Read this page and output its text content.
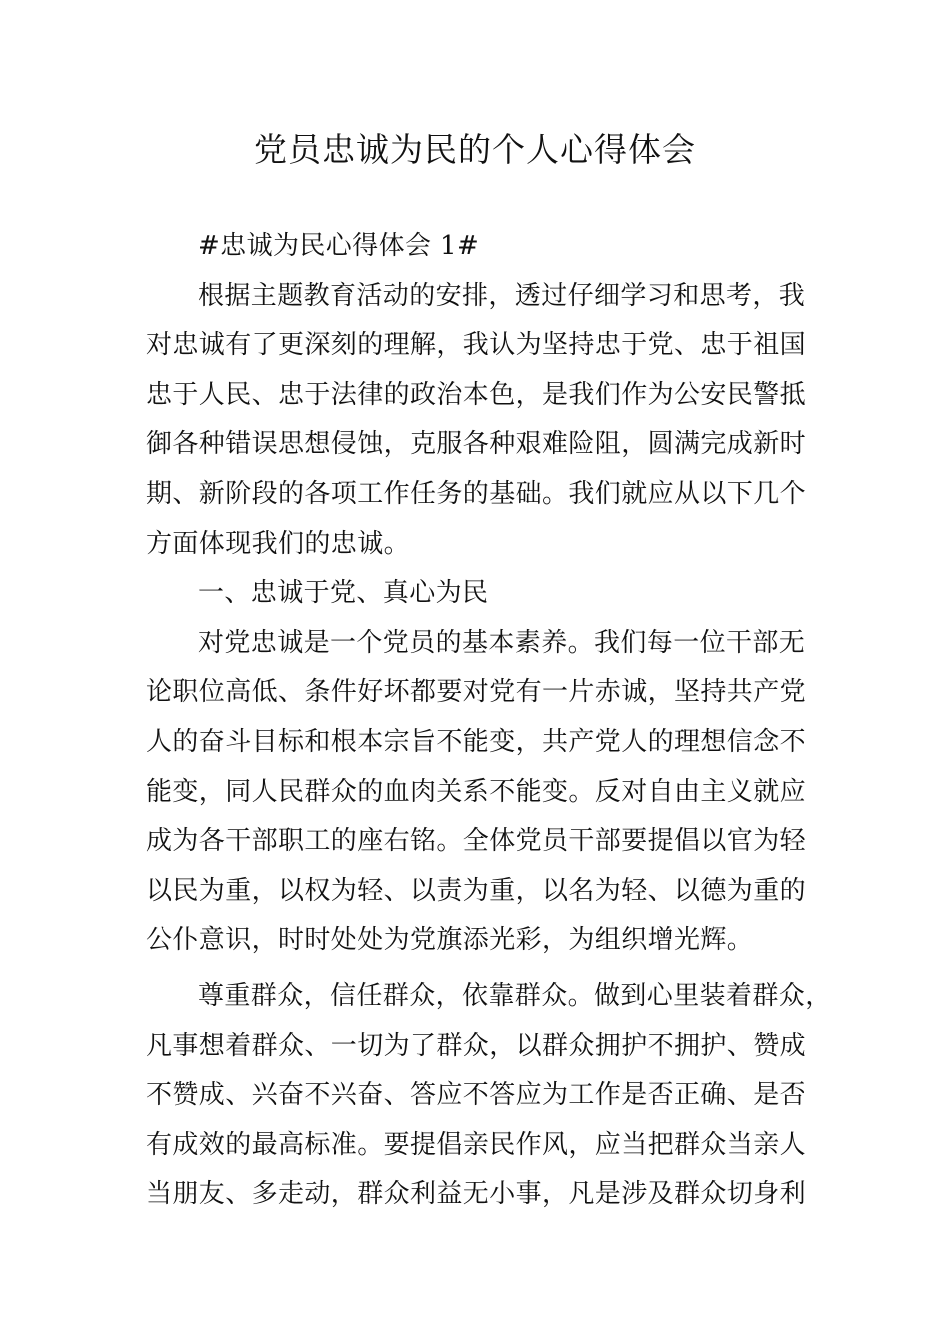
党员忠诚为民的个人心得体会
#忠诚为民心得体会 1#
根据主题教育活动的安排，透过仔细学习和思考，我
对忠诚有了更深刻的理解，我认为坚持忠于党、忠于祖国
忠于人民、忠于法律的政治本色，是我们作为公安民警抵
御各种错误思想侵蚀，克服各种艰难险阻，圆满完成新时
期、新阶段的各项工作任务的基础。我们就应从以下几个
方面体现我们的忠诚。
一、忠诚于党、真心为民
对党忠诚是一个党员的基本素养。我们每一位干部无
论职位高低、条件好坏都要对党有一片赤诚，坚持共产党
人的奋斗目标和根本宗旨不能变，共产党人的理想信念不
能变，同人民群众的血肉关系不能变。反对自由主义就应
成为各干部职工的座右铭。全体党员干部要提倡以官为轻
以民为重，以权为轻、以责为重，以名为轻、以德为重的
公仆意识，时时处处为党旗添光彩，为组织增光辉。
尊重群众，信任群众，依靠群众。做到心里装着群众，
凡事想着群众、一切为了群众，以群众拥护不拥护、赞成
不赞成、兴奋不兴奋、答应不答应为工作是否正确、是否
有成效的最高标准。要提倡亲民作风，应当把群众当亲人
当朋友、多走动，群众利益无小事，凡是涉及群众切身利
